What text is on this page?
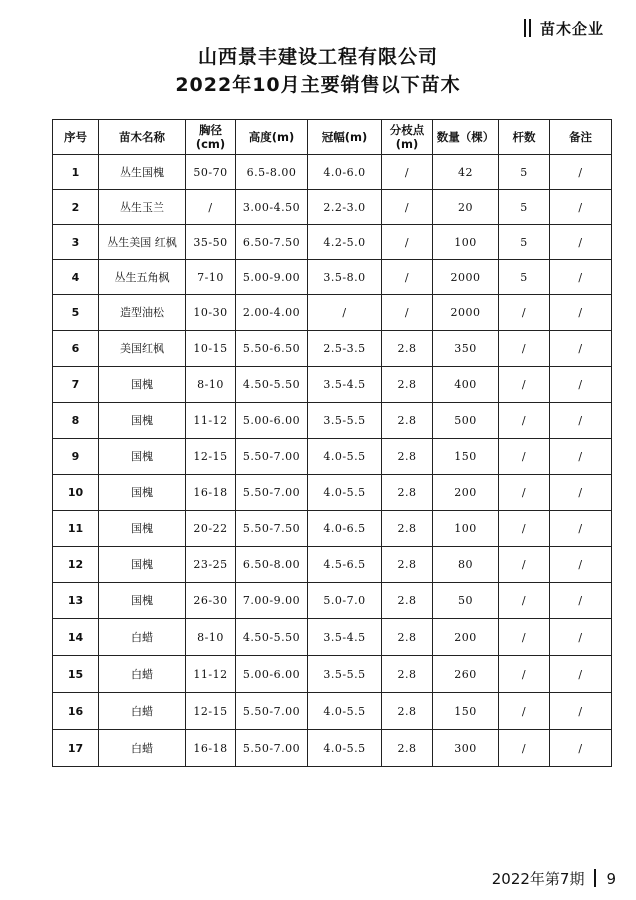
苗木企业
山西景丰建设工程有限公司
2022年10月主要销售以下苗木
序号	苗木名称	胸径(cm)	高度(m)	冠幅(m)	分枝点(m)	数量（棵）	杆数	备注
1	丛生国槐	50-70	6.5-8.00	4.0-6.0	/	42	5	/
2	丛生玉兰	/	3.00-4.50	2.2-3.0	/	20	5	/
3	丛生美国 红枫	35-50	6.50-7.50	4.2-5.0	/	100	5	/
4	丛生五角枫	7-10	5.00-9.00	3.5-8.0	/	2000	5	/
5	造型油松	10-30	2.00-4.00	/	/	2000	/	/
6	美国红枫	10-15	5.50-6.50	2.5-3.5	2.8	350	/	/
7	国槐	8-10	4.50-5.50	3.5-4.5	2.8	400	/	/
8	国槐	11-12	5.00-6.00	3.5-5.5	2.8	500	/	/
9	国槐	12-15	5.50-7.00	4.0-5.5	2.8	150	/	/
10	国槐	16-18	5.50-7.00	4.0-5.5	2.8	200	/	/
11	国槐	20-22	5.50-7.50	4.0-6.5	2.8	100	/	/
12	国槐	23-25	6.50-8.00	4.5-6.5	2.8	80	/	/
13	国槐	26-30	7.00-9.00	5.0-7.0	2.8	50	/	/
14	白蜡	8-10	4.50-5.50	3.5-4.5	2.8	200	/	/
15	白蜡	11-12	5.00-6.00	3.5-5.5	2.8	260	/	/
16	白蜡	12-15	5.50-7.00	4.0-5.5	2.8	150	/	/
17	白蜡	16-18	5.50-7.00	4.0-5.5	2.8	300	/	/
2022年第7期 9
